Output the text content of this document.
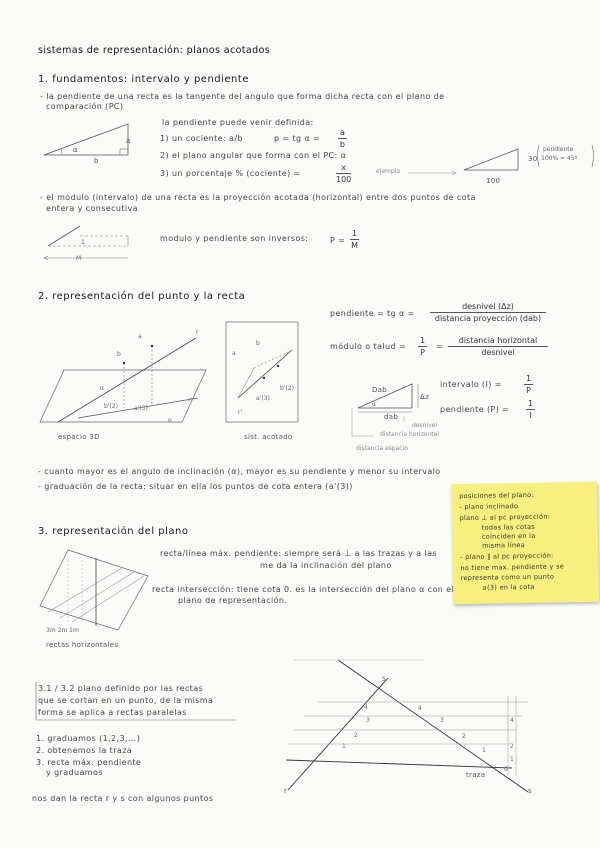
sistemas de representación: planos acotados
1. fundamentos: intervalo y pendiente
- la pendiente de una recta es la tangente del angulo que forma dicha recta con el plano de
comparación (PC)
a
b
α
la pendiente puede venir definida:
1) un cociente: a/b	p = tg $\alpha = \frac{a}{b}$
2) el plano angular que forma con el PC: α
3) un porcentaje % (cociente) =	$\frac{x}{100}$	ejemplo
30
100
pendiente
100% = 45º
- el modulo (intervalo) de una recta es la proyección acotada (horizontal) entre dos puntos de cota
entera y consecutiva
1
M
modulo y pendiente son inversos:	$P = \frac{1}{M}$
2. representación del punto y la recta
a
b
r
r'
b'(2)	a'(3)
o
α
espacio 3D
a
b
b'(2)
a'(3)
r'
sist. acotado
pendiente = tg α =
desnivel (Δz)
distancia proyección (dab)
módulo o talud = $\frac{1}{P}$ =
distancia horizontal
desnivel
Dab
Δz
α
dab
desnivel
distancia horizontal
distancia espacio
intervalo (I) =	$\frac{1}{P}$
pendiente $(P) = \frac{1}{I}$
- cuanto mayor es el angulo de inclinación (α), mayor es su pendiente y menor su intervalo
- graduación de la recta: situar en ella los puntos de cota entera (a'(3))
posiciones del plano:
- plano inclinado
plano ⊥ al pc proyección:
todas las cotas
coinciden en la
misma línea
- plano ∥ al pc proyección:
no tiene max. pendiente y se
representa como un punto
a(3) en la cota
3. representación del plano
3m 2m 1m
rectas horizontales
recta/línea máx. pendiente: siempre será ⊥ a las trazas y a las
me da la inclinación del plano
recta intersección: tiene cota 0. es la intersección del plano α con el
plano de representación.
3.1 / 3.2 plano definido por las rectas
que se cortan en un punto, de la misma
forma se aplica a rectas paralelas
1. graduamos (1,2,3,...)
2. obtenemos la traza
3. recta máx. pendiente
y graduamos
nos dan la recta r y s con algunos puntos
5
4
3
2
1
4
3
2
1
4
2
1
0
traza
r	s
